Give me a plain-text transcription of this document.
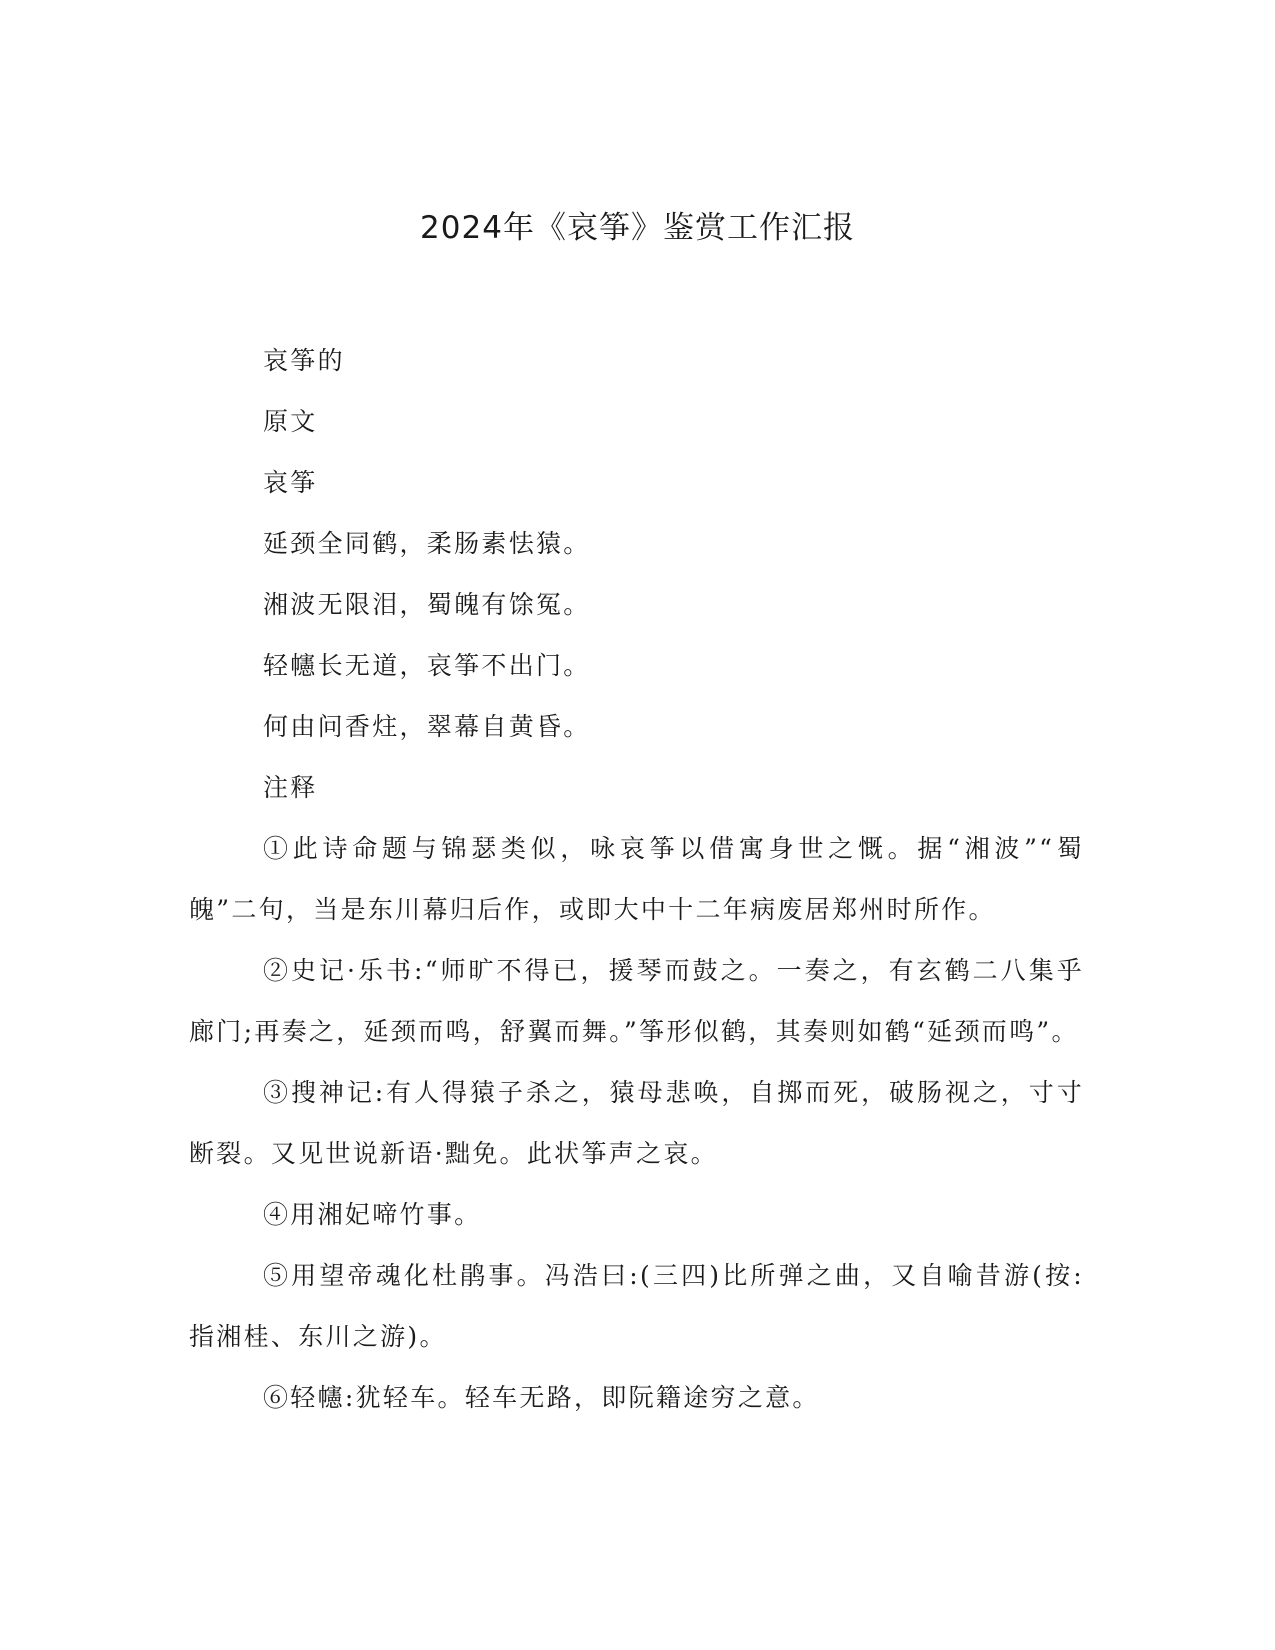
2024年《哀筝》鉴赏工作汇报

哀筝的

原文

哀筝

延颈全同鹤，柔肠素怯猿。

湘波无限泪，蜀魄有馀冤。

轻幰长无道，哀筝不出门。

何由问香炷，翠幕自黄昏。

注释

①此诗命题与锦瑟类似，咏哀筝以借寓身世之慨。据“湘波”“蜀魄”二句，当是东川幕归后作，或即大中十二年病废居郑州时所作。

②史记·乐书:“师旷不得已，援琴而鼓之。一奏之，有玄鹤二八集乎廊门;再奏之，延颈而鸣，舒翼而舞。”筝形似鹤，其奏则如鹤“延颈而鸣”。

③搜神记:有人得猿子杀之，猿母悲唤，自掷而死，破肠视之，寸寸断裂。又见世说新语·黜免。此状筝声之哀。

④用湘妃啼竹事。

⑤用望帝魂化杜鹃事。冯浩曰:(三四)比所弹之曲，又自喻昔游(按:指湘桂、东川之游)。

⑥轻幰:犹轻车。轻车无路，即阮籍途穷之意。
